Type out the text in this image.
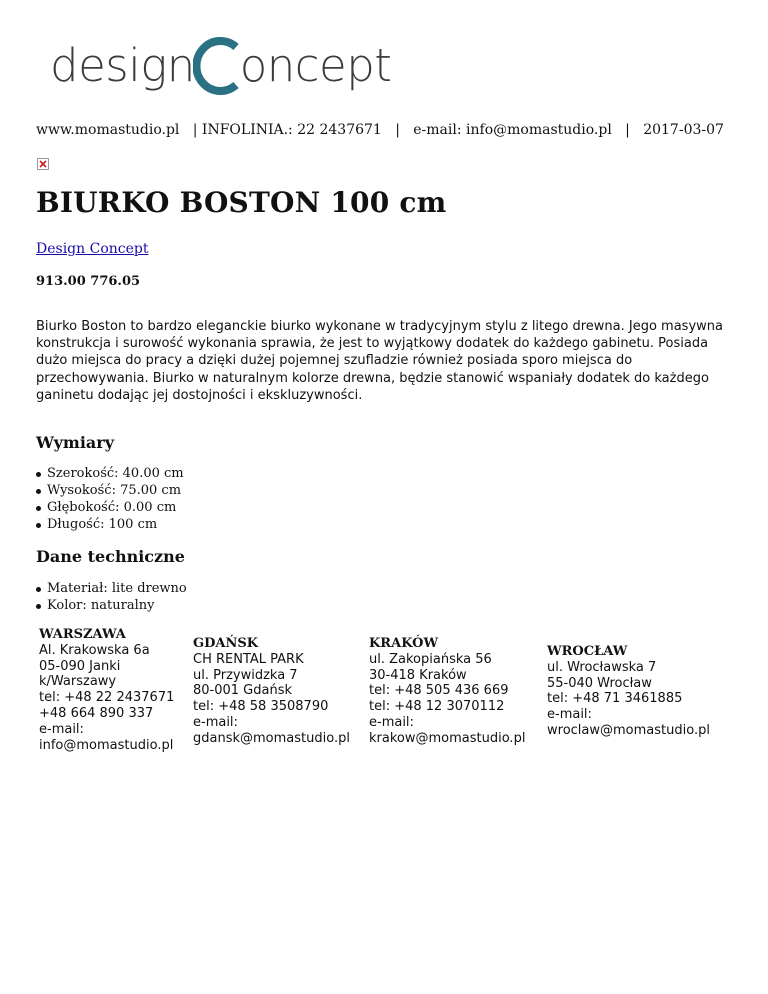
design oncept
www.momastudio.pl   | INFOLINIA.: 22 2437671   |   e-mail: info@momastudio.pl   |   2017-03-07
BIURKO BOSTON 100 cm
Design Concept
913.00 776.05

Biurko Boston to bardzo eleganckie biurko wykonane w tradycyjnym stylu z litego drewna. Jego masywna konstrukcja i surowość wykonania sprawia, że jest to wyjątkowy dodatek do każdego gabinetu. Posiada dużo miejsca do pracy a dzięki dużej pojemnej szufladzie również posiada sporo miejsca do przechowywania. Biurko w naturalnym kolorze drewna, będzie stanowić wspaniały dodatek do każdego ganinetu dodając jej dostojności i ekskluzywności.

Wymiary
Szerokość: 40.00 cm
Wysokość: 75.00 cm
Głębokość: 0.00 cm
Długość: 100 cm
Dane techniczne
Materiał: lite drewno
Kolor: naturalny
WARSZAWA
Al. Krakowska 6a
05-090 Janki
k/Warszawy
tel: +48 22 2437671
+48 664 890 337
e-mail:
info@momastudio.pl
GDAŃSK
CH RENTAL PARK
ul. Przywidzka 7
80-001 Gdańsk
tel: +48 58 3508790
e-mail:
gdansk@momastudio.pl
KRAKÓW
ul. Zakopiańska 56
30-418 Kraków
tel: +48 505 436 669
tel: +48 12 3070112
e-mail:
krakow@momastudio.pl
WROCŁAW
ul. Wrocławska 7
55-040 Wrocław
tel: +48 71 3461885
e-mail:
wroclaw@momastudio.pl
